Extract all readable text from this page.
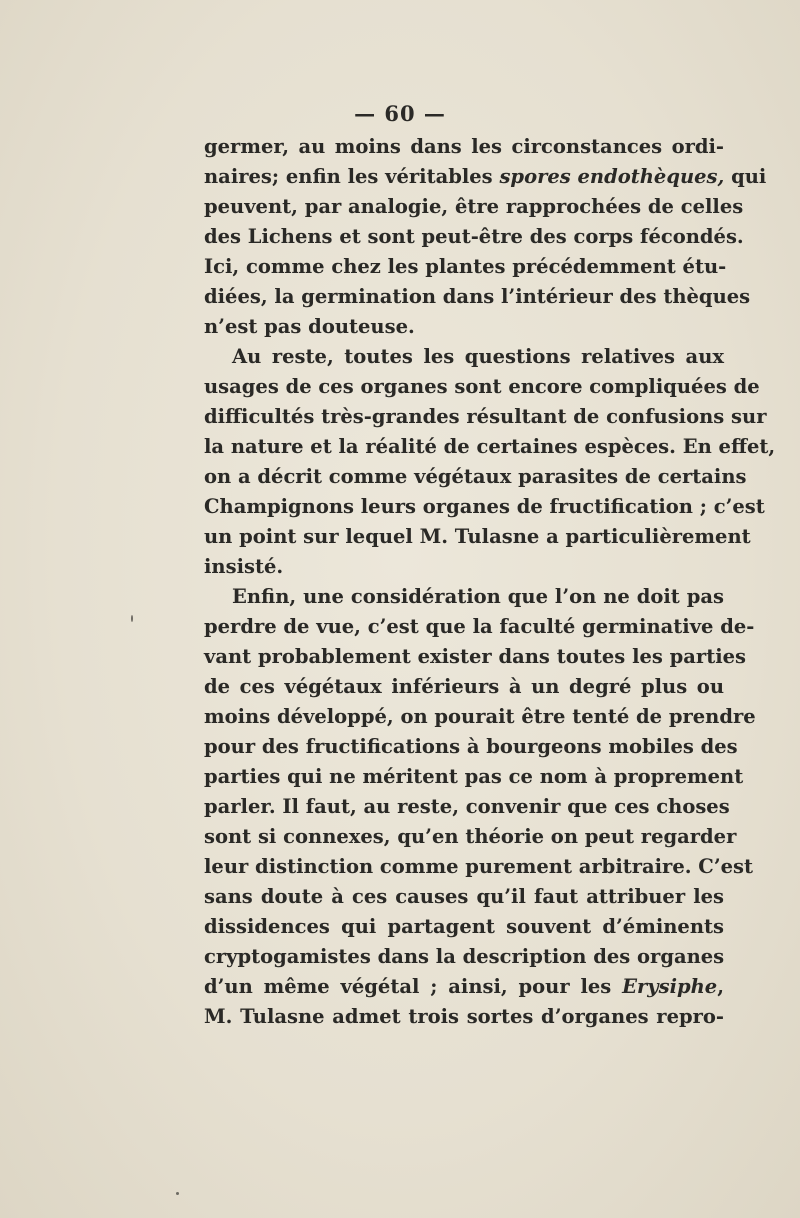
— 60 —
germer, au moins dans les circonstances ordi-
naires; enfin les véritables spores endothèques, qui
peuvent, par analogie, être rapprochées de celles
des Lichens et sont peut-être des corps fécondés.
Ici, comme chez les plantes précédemment étu-
diées, la germination dans l’intérieur des thèques
n’est pas douteuse.
Au reste, toutes les questions relatives aux
usages de ces organes sont encore compliquées de
difficultés très-grandes résultant de confusions sur
la nature et la réalité de certaines espèces. En effet,
on a décrit comme végétaux parasites de certains
Champignons leurs organes de fructification ; c’est
un point sur lequel M. Tulasne a particulièrement
insisté.
Enfin, une considération que l’on ne doit pas
perdre de vue, c’est que la faculté germinative de-
vant probablement exister dans toutes les parties
de ces végétaux inférieurs à un degré plus ou
moins développé, on pourait être tenté de prendre
pour des fructifications à bourgeons mobiles des
parties qui ne méritent pas ce nom à proprement
parler. Il faut, au reste, convenir que ces choses
sont si connexes, qu’en théorie on peut regarder
leur distinction comme purement arbitraire. C’est
sans doute à ces causes qu’il faut attribuer les
dissidences qui partagent souvent d’éminents
cryptogamistes dans la description des organes
d’un même végétal ; ainsi, pour les Erysiphe,
M. Tulasne admet trois sortes d’organes repro-
